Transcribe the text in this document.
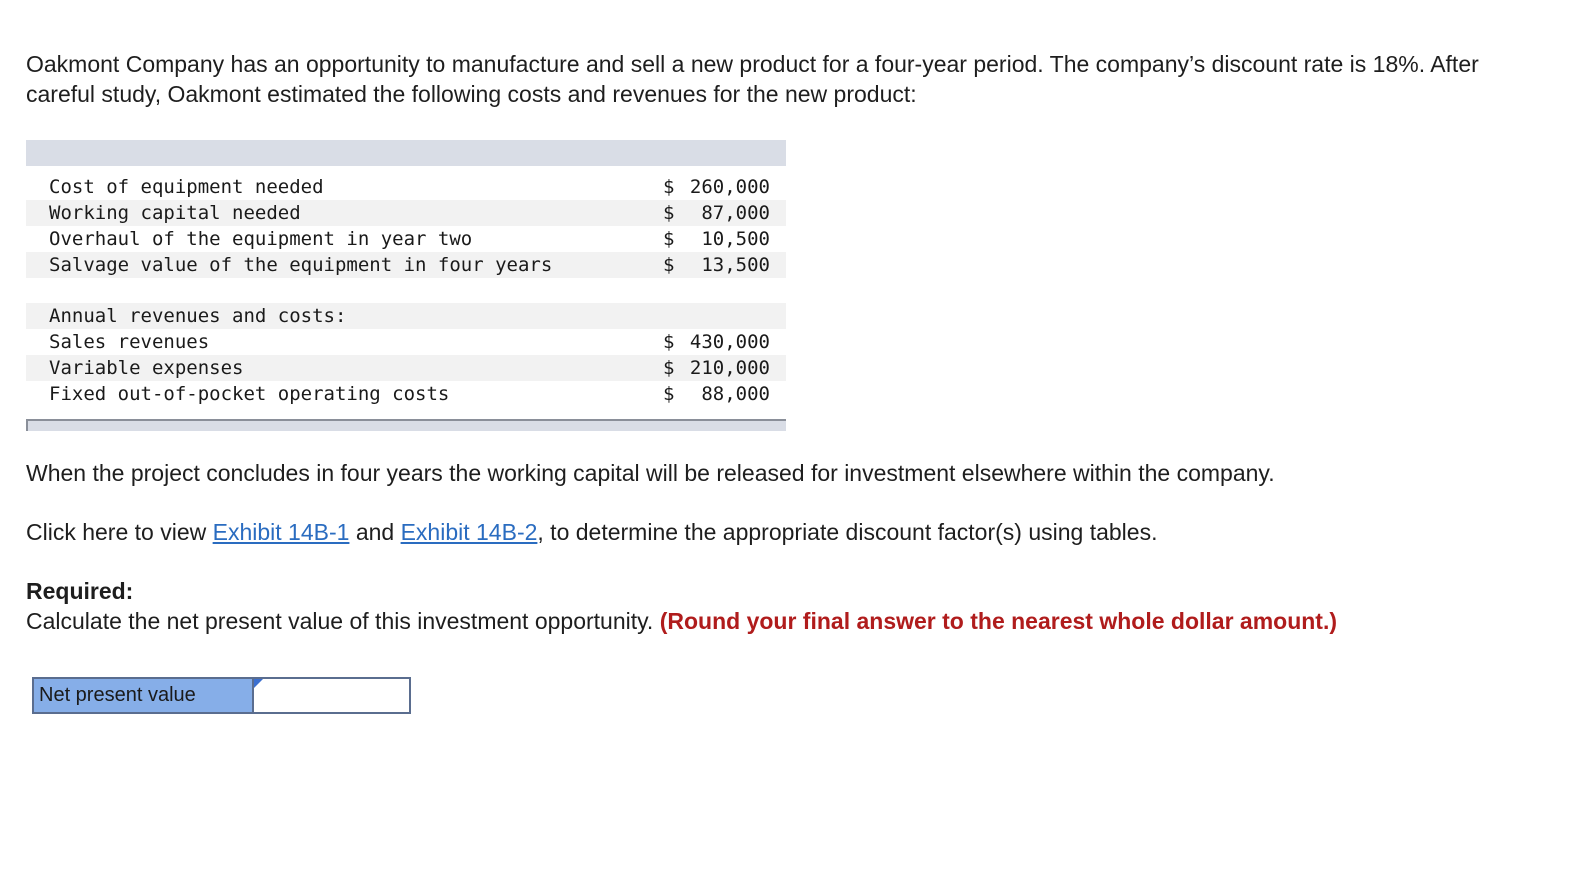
Oakmont Company has an opportunity to manufacture and sell a new product for a four-year period. The company’s discount rate is 18%. After careful study, Oakmont estimated the following costs and revenues for the new product:
Cost of equipment needed	$ 260,000
Working capital needed	$ 87,000
Overhaul of the equipment in year two	$ 10,500
Salvage value of the equipment in four years	$ 13,500
Annual revenues and costs:
Sales revenues	$ 430,000
Variable expenses	$ 210,000
Fixed out-of-pocket operating costs	$ 88,000
When the project concludes in four years the working capital will be released for investment elsewhere within the company.
Click here to view Exhibit 14B-1 and Exhibit 14B-2, to determine the appropriate discount factor(s) using tables.
Required:
Calculate the net present value of this investment opportunity. (Round your final answer to the nearest whole dollar amount.)
Net present value
